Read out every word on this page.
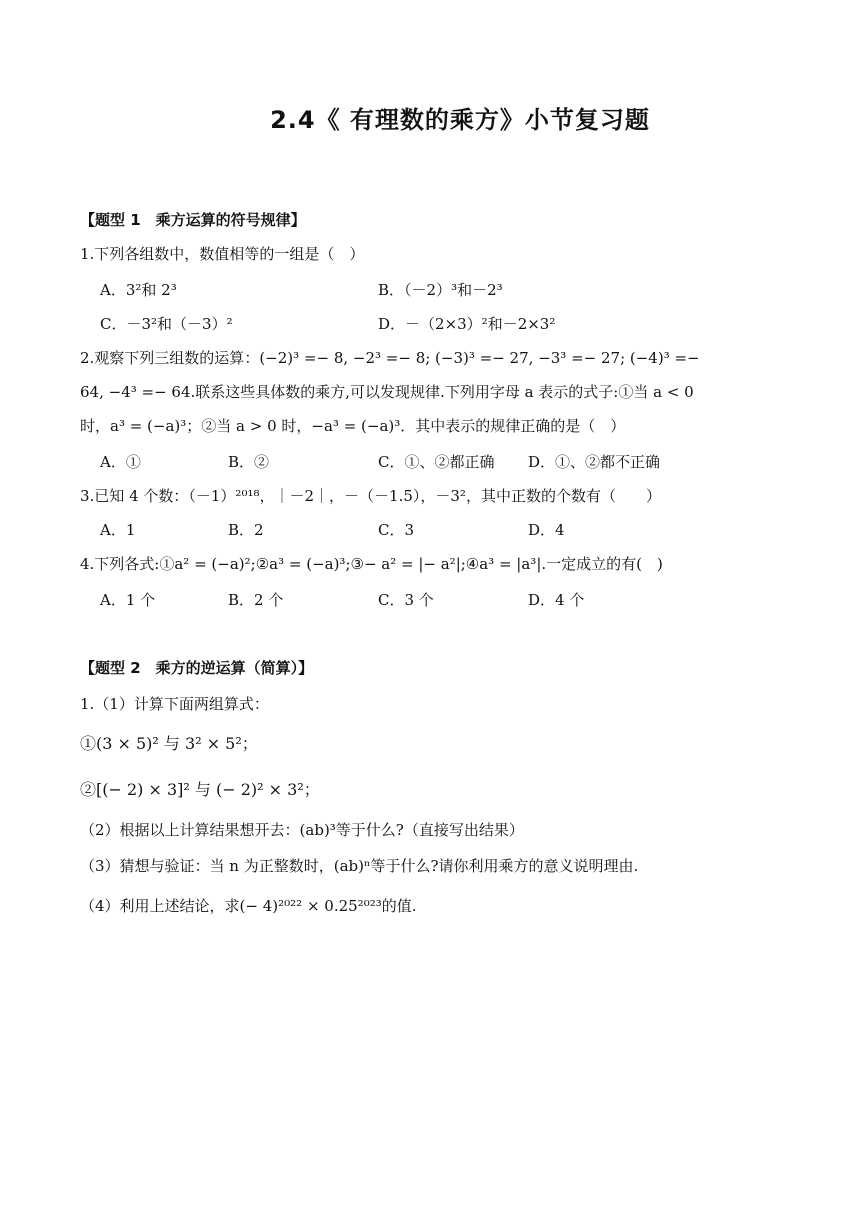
2.4《 有理数的乘方》小节复习题
【题型 1　乘方运算的符号规律】
1.下列各组数中，数值相等的一组是（　）
A．3²和 2³	B．（－2）³和－2³
C．－3²和（－3）²	D．－（2×3）²和－2×3²
2.观察下列三组数的运算：(−2)³ =− 8, −2³ =− 8; (−3)³ =− 27, −3³ =− 27; (−4)³ =−
64, −4³ =− 64.联系这些具体数的乘方,可以发现规律.下列用字母 a 表示的式子:①当 a < 0
时，a³ = (−a)³；②当 a > 0 时，−a³ = (−a)³．其中表示的规律正确的是（　）
A．①	B．②	C．①、②都正确 D．①、②都不正确
3.已知 4 个数：（－1）²⁰¹⁸，｜－2｜，－（－1.5），－3²，其中正数的个数有（　　）
A．1	B．2	C．3	D．4
4.下列各式:①a² = (−a)²;②a³ = (−a)³;③− a² = |− a²|;④a³ = |a³|.一定成立的有(　)
A．1 个	B．2 个	C．3 个	D．4 个
【题型 2　乘方的逆运算（简算）】
1.（1）计算下面两组算式：
①(3 × 5)² 与 3² × 5²；
②[(− 2) × 3]² 与 (− 2)² × 3²；
（2）根据以上计算结果想开去：(ab)³等于什么?（直接写出结果）
（3）猜想与验证：当 n 为正整数时，(ab)ⁿ等于什么?请你利用乘方的意义说明理由.
（4）利用上述结论，求(− 4)²⁰²² × 0.25²⁰²³的值.
